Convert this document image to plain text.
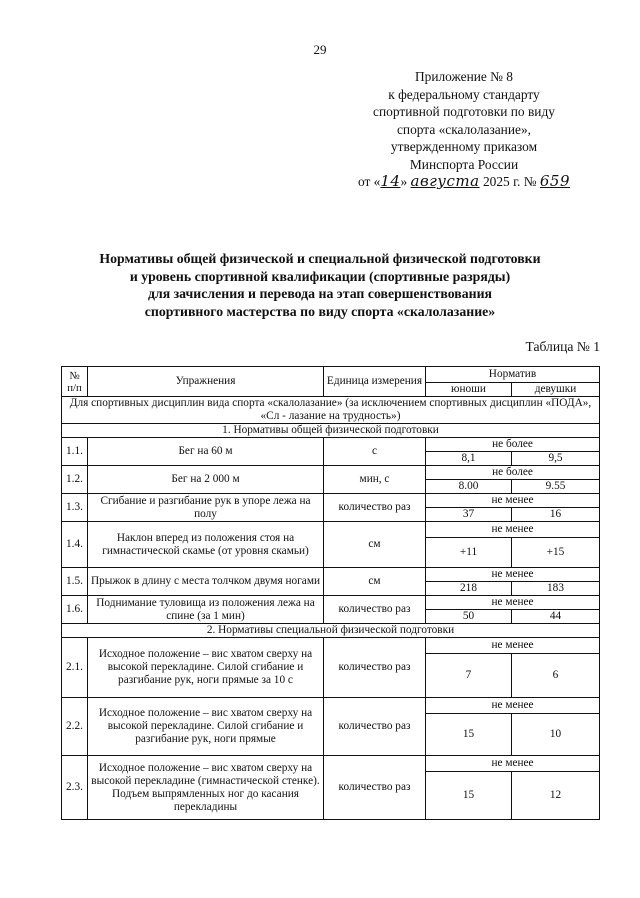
29
Приложение № 8
к федеральному стандарту
спортивной подготовки по виду
спорта «скалолазание»,
утвержденному приказом
Минспорта России
от «14» августа 2025 г. № 659
Нормативы общей физической и специальной физической подготовки
и уровень спортивной квалификации (спортивные разряды)
для зачисления и перевода на этап совершенствования
спортивного мастерства по виду спорта «скалолазание»
Таблица № 1
№ п/п	Упражнения	Единица измерения	Норматив	
			юноши	девушки
Для спортивных дисциплин вида спорта «скалолазание» (за исключением спортивных дисциплин «ПОДА», «Сл - лазание на трудность»)				
1. Нормативы общей физической подготовки				
1.1.	Бег на 60 м	с	не более	
			8,1	9,5
1.2.	Бег на 2 000 м	мин, с	не более	
			8.00	9.55
1.3.	Сгибание и разгибание рук в упоре лежа на полу	количество раз	не менее	
			37	16
1.4.	Наклон вперед из положения стоя на гимнастической скамье (от уровня скамьи)	см	не менее	
			+11	+15
1.5.	Прыжок в длину с места толчком двумя ногами	см	не менее	
			218	183
1.6.	Поднимание туловища из положения лежа на спине (за 1 мин)	количество раз	не менее	
			50	44
2. Нормативы специальной физической подготовки				
2.1.	Исходное положение – вис хватом сверху на высокой перекладине. Силой сгибание и разгибание рук, ноги прямые за 10 с	количество раз	не менее	
			7	6
2.2.	Исходное положение – вис хватом сверху на высокой перекладине. Силой сгибание и разгибание рук, ноги прямые	количество раз	не менее	
			15	10
2.3.	Исходное положение – вис хватом сверху на высокой перекладине (гимнастической стенке). Подъем выпрямленных ног до касания перекладины	количество раз	не менее	
			15	12
